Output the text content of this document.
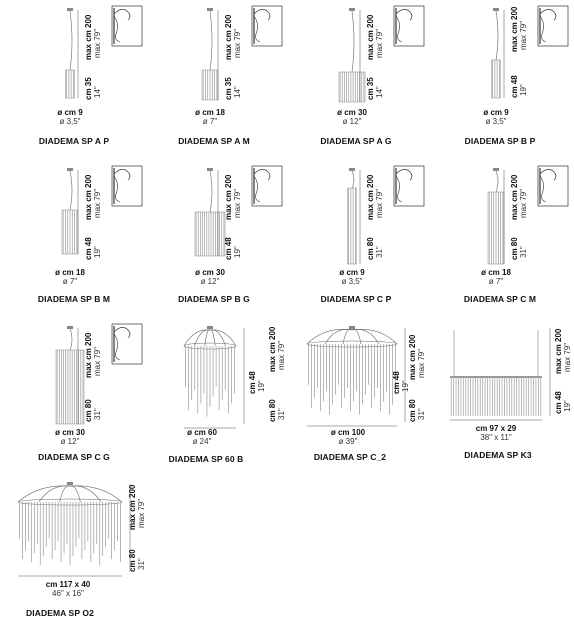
max cm 200 max 79"
cm 35 14"
ø cm 9
ø 3,5"
DIADEMA SP A P
max cm 200 max 79"
cm 35 14"
ø cm 18
ø 7"
DIADEMA SP A M
max cm 200 max 79"
cm 35 14"
ø cm 30
ø 12"
DIADEMA SP A G
max cm 200 max 79"
cm 48 19"
ø cm 9
ø 3,5"
DIADEMA SP B P
max cm 200 max 79"
cm 48 19"
ø cm 18
ø 7"
DIADEMA SP B M
max cm 200 max 79"
cm 48 19"
ø cm 30
ø 12"
DIADEMA SP B G
max cm 200 max 79"
cm 80 31"
ø cm 9
ø 3,5"
DIADEMA SP C P
max cm 200 max 79"
cm 80 31"
ø cm 18
ø 7"
DIADEMA SP C M
max cm 200 max 79"
cm 80 31"
ø cm 30
ø 12"
DIADEMA SP C G
max cm 200 max 79"
cm 48 19"
cm 80 31"
ø cm 60
ø 24"
DIADEMA SP 60 B
max cm 200 max 79"
cm 48 19"
cm 80 31"
ø cm 100
ø 39"
DIADEMA SP C_2
max cm 200 max 79"
cm 48 19"
cm 97 x 29
38" x 11"
DIADEMA SP K3
max cm 200 max 79"
cm 80 31"
cm 117 x 40
46" x 16"
DIADEMA SP O2
